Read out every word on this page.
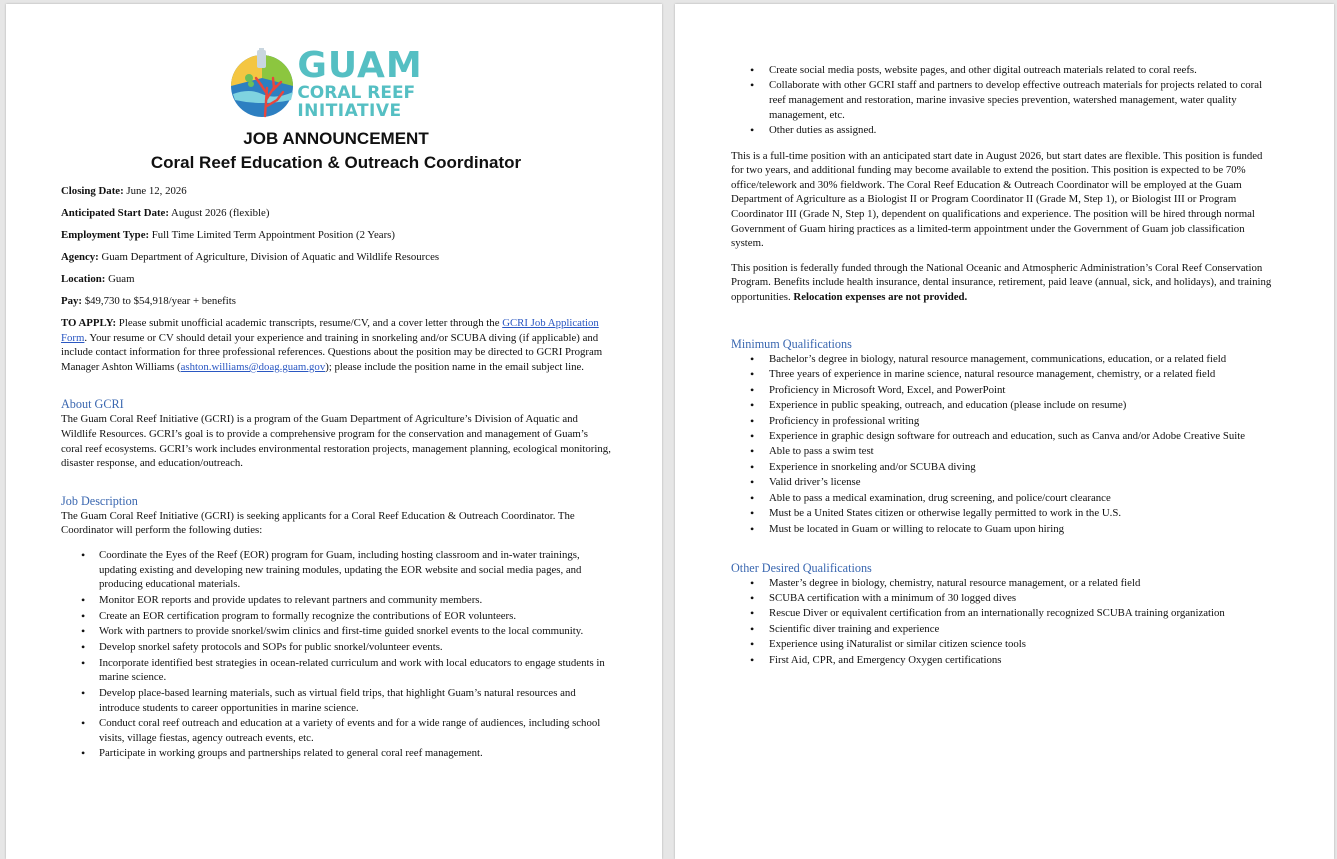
GUAM
CORAL REEF
INITIATIVE
JOB ANNOUNCEMENT
Coral Reef Education & Outreach Coordinator
Closing Date: June 12, 2026
Anticipated Start Date: August 2026 (flexible)
Employment Type: Full Time Limited Term Appointment Position (2 Years)
Agency: Guam Department of Agriculture, Division of Aquatic and Wildlife Resources
Location: Guam
Pay: $49,730 to $54,918/year + benefits
TO APPLY: Please submit unofficial academic transcripts, resume/CV, and a cover letter through the GCRI Job Application Form. Your resume or CV should detail your experience and training in snorkeling and/or SCUBA diving (if applicable) and include contact information for three professional references. Questions about the position may be directed to GCRI Program Manager Ashton Williams (ashton.williams@doag.guam.gov); please include the position name in the email subject line.
About GCRI
The Guam Coral Reef Initiative (GCRI) is a program of the Guam Department of Agriculture’s Division of Aquatic and Wildlife Resources. GCRI’s goal is to provide a comprehensive program for the conservation and management of Guam’s coral reef ecosystems. GCRI’s work includes environmental restoration projects, management planning, ecological monitoring, disaster response, and education/outreach.
Job Description
The Guam Coral Reef Initiative (GCRI) is seeking applicants for a Coral Reef Education & Outreach Coordinator. The Coordinator will perform the following duties:
• Coordinate the Eyes of the Reef (EOR) program for Guam, including hosting classroom and in-water trainings, updating existing and developing new training modules, updating the EOR website and social media pages, and producing educational materials.
• Monitor EOR reports and provide updates to relevant partners and community members.
• Create an EOR certification program to formally recognize the contributions of EOR volunteers.
• Work with partners to provide snorkel/swim clinics and first-time guided snorkel events to the local community.
• Develop snorkel safety protocols and SOPs for public snorkel/volunteer events.
• Incorporate identified best strategies in ocean-related curriculum and work with local educators to engage students in marine science.
• Develop place-based learning materials, such as virtual field trips, that highlight Guam’s natural resources and introduce students to career opportunities in marine science.
• Conduct coral reef outreach and education at a variety of events and for a wide range of audiences, including school visits, village fiestas, agency outreach events, etc.
• Participate in working groups and partnerships related to general coral reef management.
• Create social media posts, website pages, and other digital outreach materials related to coral reefs.
• Collaborate with other GCRI staff and partners to develop effective outreach materials for projects related to coral reef management and restoration, marine invasive species prevention, watershed management, water quality management, etc.
• Other duties as assigned.
This is a full-time position with an anticipated start date in August 2026, but start dates are flexible. This position is funded for two years, and additional funding may become available to extend the position. This position is expected to be 70% office/telework and 30% fieldwork. The Coral Reef Education & Outreach Coordinator will be employed at the Guam Department of Agriculture as a Biologist II or Program Coordinator II (Grade M, Step 1), or Biologist III or Program Coordinator III (Grade N, Step 1), dependent on qualifications and experience. The position will be hired through normal Government of Guam hiring practices as a limited-term appointment under the Government of Guam job classification system.
This position is federally funded through the National Oceanic and Atmospheric Administration’s Coral Reef Conservation Program. Benefits include health insurance, dental insurance, retirement, paid leave (annual, sick, and holidays), and training opportunities. Relocation expenses are not provided.
Minimum Qualifications
• Bachelor’s degree in biology, natural resource management, communications, education, or a related field
• Three years of experience in marine science, natural resource management, chemistry, or a related field
• Proficiency in Microsoft Word, Excel, and PowerPoint
• Experience in public speaking, outreach, and education (please include on resume)
• Proficiency in professional writing
• Experience in graphic design software for outreach and education, such as Canva and/or Adobe Creative Suite
• Able to pass a swim test
• Experience in snorkeling and/or SCUBA diving
• Valid driver’s license
• Able to pass a medical examination, drug screening, and police/court clearance
• Must be a United States citizen or otherwise legally permitted to work in the U.S.
• Must be located in Guam or willing to relocate to Guam upon hiring
Other Desired Qualifications
• Master’s degree in biology, chemistry, natural resource management, or a related field
• SCUBA certification with a minimum of 30 logged dives
• Rescue Diver or equivalent certification from an internationally recognized SCUBA training organization
• Scientific diver training and experience
• Experience using iNaturalist or similar citizen science tools
• First Aid, CPR, and Emergency Oxygen certifications
